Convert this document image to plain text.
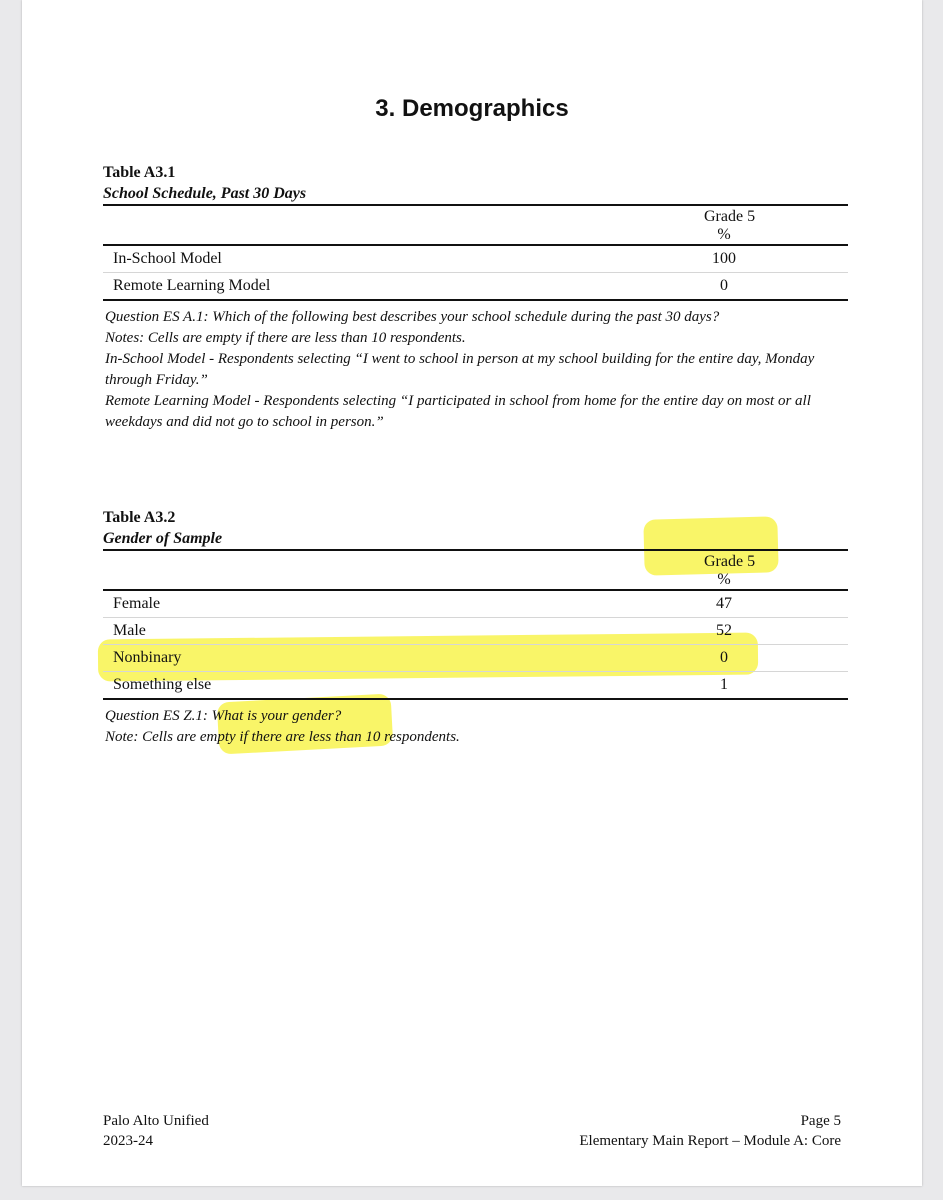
3. Demographics
Table A3.1
School Schedule, Past 30 Days
Grade 5
%
In-School Model	100
Remote Learning Model	0

Question ES A.1: Which of the following best describes your school schedule during the past 30 days?

Notes: Cells are empty if there are less than 10 respondents.

In-School Model - Respondents selecting “I went to school in person at my school building for the entire day, Monday through Friday.”

Remote Learning Model - Respondents selecting “I participated in school from home for the entire day on most or all weekdays and did not go to school in person.”

Table A3.2
Gender of Sample
Grade 5
%
Female	47
Male	52
Nonbinary	0
Something else	1

Question ES Z.1: What is your gender?

Note: Cells are empty if there are less than 10 respondents.

Palo Alto Unified
2023-24
Page 5
Elementary Main Report – Module A: Core
